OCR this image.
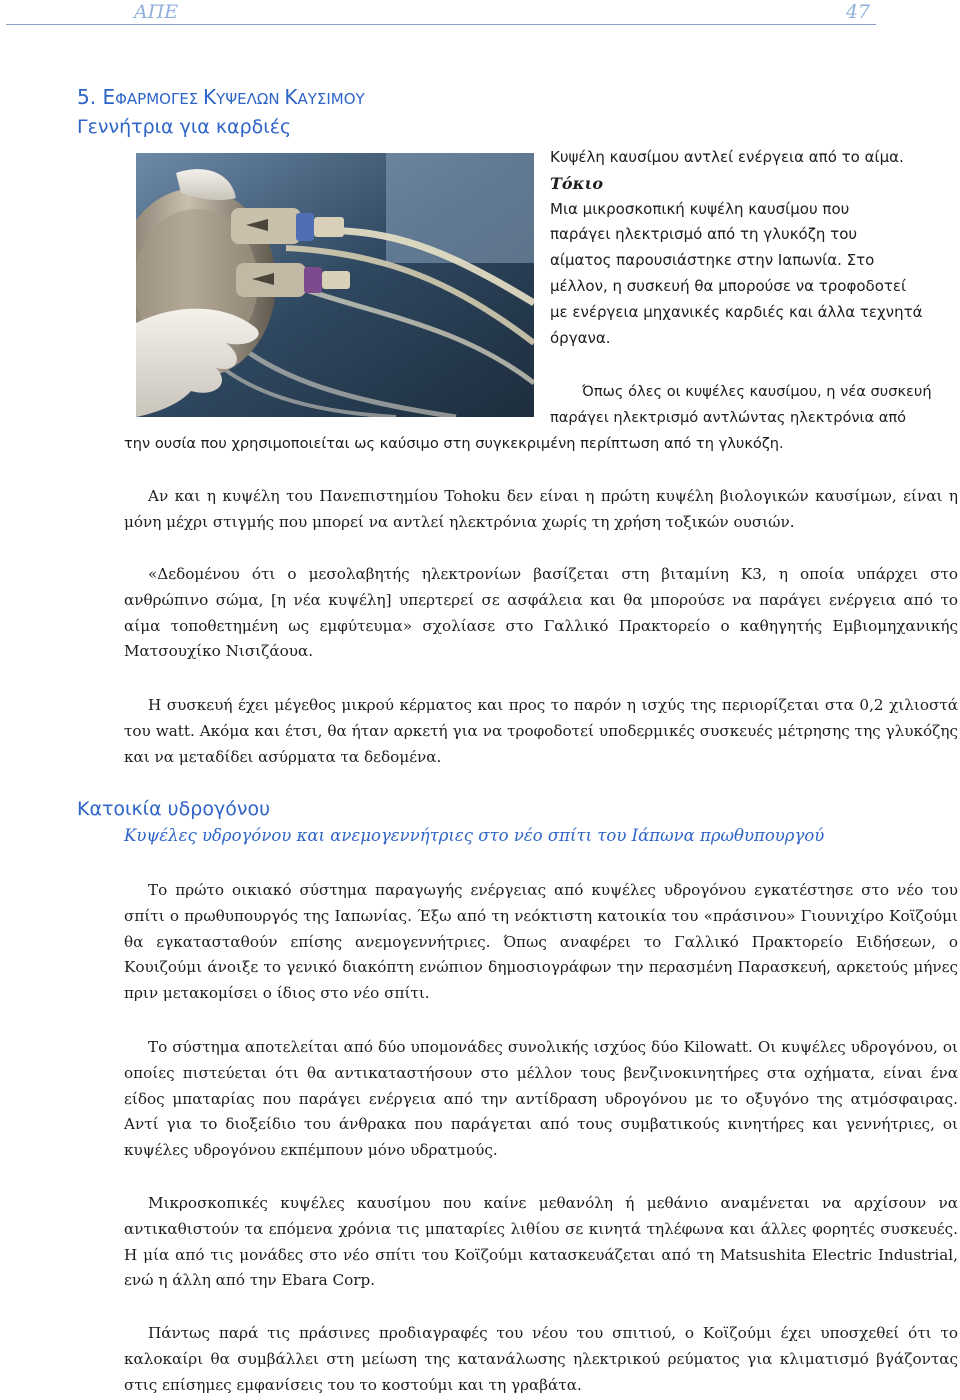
ΑΠΕ	47
5. ΕΦΑΡΜΟΓΕΣ ΚΥΨΕΛΩΝ ΚΑΥΣΙΜΟΥ
Γεννήτρια για καρδιές
Κυψέλη καυσίμου αντλεί ενέργεια από το αίμα.
Τόκιο
Μια μικροσκοπική κυψέλη καυσίμου που
παράγει ηλεκτρισμό από τη γλυκόζη του
αίματος παρουσιάστηκε στην Ιαπωνία. Στο
μέλλον, η συσκευή θα μπορούσε να τροφοδοτεί
με ενέργεια μηχανικές καρδιές και άλλα τεχνητά
όργανα.
Όπως όλες οι κυψέλες καυσίμου, η νέα συσκευή
παράγει ηλεκτρισμό αντλώντας ηλεκτρόνια από
την ουσία που χρησιμοποιείται ως καύσιμο στη συγκεκριμένη περίπτωση από τη γλυκόζη.
Αν και η κυψέλη του Πανεπιστημίου Tohoku δεν είναι η πρώτη κυψέλη βιολογικών καυσίμων, είναι η μόνη μέχρι στιγμής που μπορεί να αντλεί ηλεκτρόνια χωρίς τη χρήση τοξικών ουσιών.
«Δεδομένου ότι ο μεσολαβητής ηλεκτρονίων βασίζεται στη βιταμίνη K3, η οποία υπάρχει στο ανθρώπινο σώμα, [η νέα κυψέλη] υπερτερεί σε ασφάλεια και θα μπορούσε να παράγει ενέργεια από το αίμα τοποθετημένη ως εμφύτευμα» σχολίασε στο Γαλλικό Πρακτορείο ο καθηγητής Εμβιομηχανικής Ματσουχίκο Νισιζάουα.
Η συσκευή έχει μέγεθος μικρού κέρματος και προς το παρόν η ισχύς της περιορίζεται στα 0,2 χιλιοστά του watt. Ακόμα και έτσι, θα ήταν αρκετή για να τροφοδοτεί υποδερμικές συσκευές μέτρησης της γλυκόζης και να μεταδίδει ασύρματα τα δεδομένα.
Κατοικία υδρογόνου
Κυψέλες υδρογόνου και ανεμογεννήτριες στο νέο σπίτι του Ιάπωνα πρωθυπουργού
Το πρώτο οικιακό σύστημα παραγωγής ενέργειας από κυψέλες υδρογόνου εγκατέστησε στο νέο του σπίτι ο πρωθυπουργός της Ιαπωνίας. Έξω από τη νεόκτιστη κατοικία του «πράσινου» Γιουνιχίρο Κοϊζούμι θα εγκατασταθούν επίσης ανεμογεννήτριες. Όπως αναφέρει το Γαλλικό Πρακτορείο Ειδήσεων, ο Κουιζούμι άνοιξε το γενικό διακόπτη ενώπιον δημοσιογράφων την περασμένη Παρασκευή, αρκετούς μήνες πριν μετακομίσει ο ίδιος στο νέο σπίτι.
Το σύστημα αποτελείται από δύο υπομονάδες συνολικής ισχύος δύο Kilowatt. Οι κυψέλες υδρογόνου, οι οποίες πιστεύεται ότι θα αντικαταστήσουν στο μέλλον τους βενζινοκινητήρες στα οχήματα, είναι ένα είδος μπαταρίας που παράγει ενέργεια από την αντίδραση υδρογόνου με το οξυγόνο της ατμόσφαιρας. Αντί για το διοξείδιο του άνθρακα που παράγεται από τους συμβατικούς κινητήρες και γεννήτριες, οι κυψέλες υδρογόνου εκπέμπουν μόνο υδρατμούς.
Μικροσκοπικές κυψέλες καυσίμου που καίνε μεθανόλη ή μεθάνιο αναμένεται να αρχίσουν να αντικαθιστούν τα επόμενα χρόνια τις μπαταρίες λιθίου σε κινητά τηλέφωνα και άλλες φορητές συσκευές. Η μία από τις μονάδες στο νέο σπίτι του Κοϊζούμι κατασκευάζεται από τη Matsushita Electric Industrial, ενώ η άλλη από την Ebara Corp.
Πάντως παρά τις πράσινες προδιαγραφές του νέου του σπιτιού, ο Κοϊζούμι έχει υποσχεθεί ότι το καλοκαίρι θα συμβάλλει στη μείωση της κατανάλωσης ηλεκτρικού ρεύματος για κλιματισμό βγάζοντας στις επίσημες εμφανίσεις του το κοστούμι και τη γραβάτα.
